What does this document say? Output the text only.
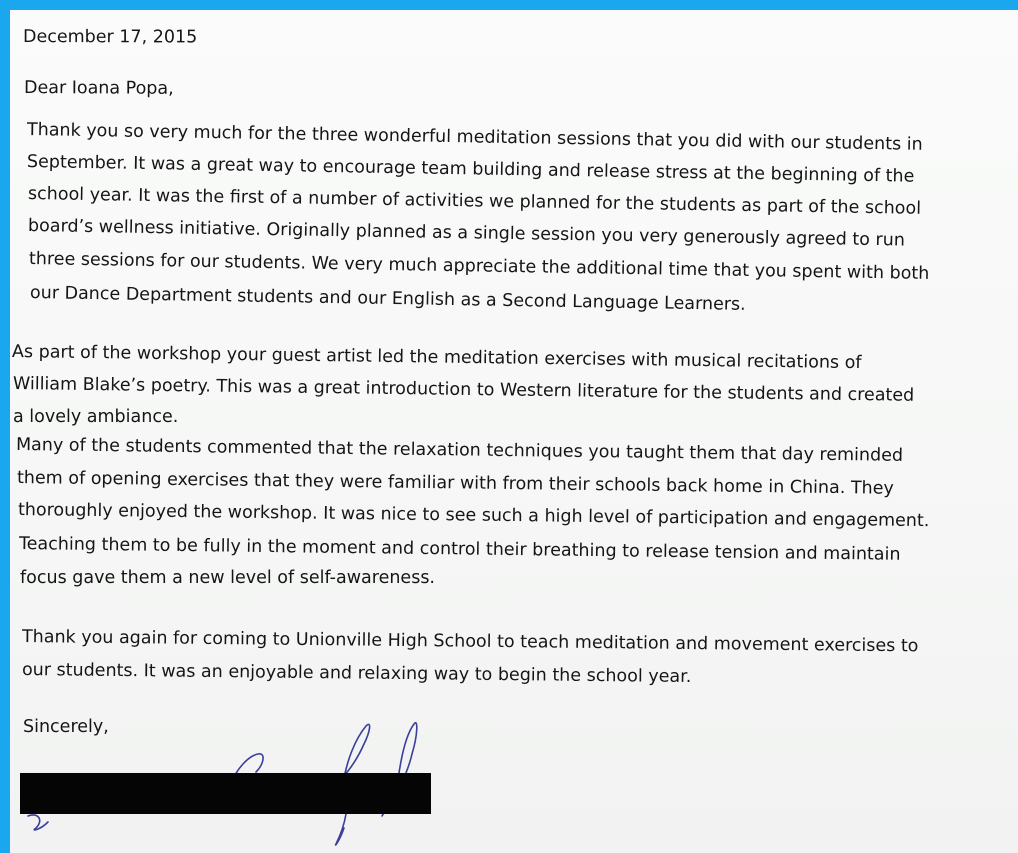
December 17, 2015

Dear Ioana Popa,

Thank you so very much for the three wonderful meditation sessions that you did with our students in

September. It was a great way to encourage team building and release stress at the beginning of the

school year. It was the first of a number of activities we planned for the students as part of the school

board’s wellness initiative. Originally planned as a single session you very generously agreed to run

three sessions for our students. We very much appreciate the additional time that you spent with both

our Dance Department students and our English as a Second Language Learners.

As part of the workshop your guest artist led the meditation exercises with musical recitations of

William Blake’s poetry. This was a great introduction to Western literature for the students and created

a lovely ambiance.

Many of the students commented that the relaxation techniques you taught them that day reminded

them of opening exercises that they were familiar with from their schools back home in China. They

thoroughly enjoyed the workshop. It was nice to see such a high level of participation and engagement.

Teaching them to be fully in the moment and control their breathing to release tension and maintain

focus gave them a new level of self-awareness.

Thank you again for coming to Unionville High School to teach meditation and movement exercises to

our students. It was an enjoyable and relaxing way to begin the school year.

Sincerely,
